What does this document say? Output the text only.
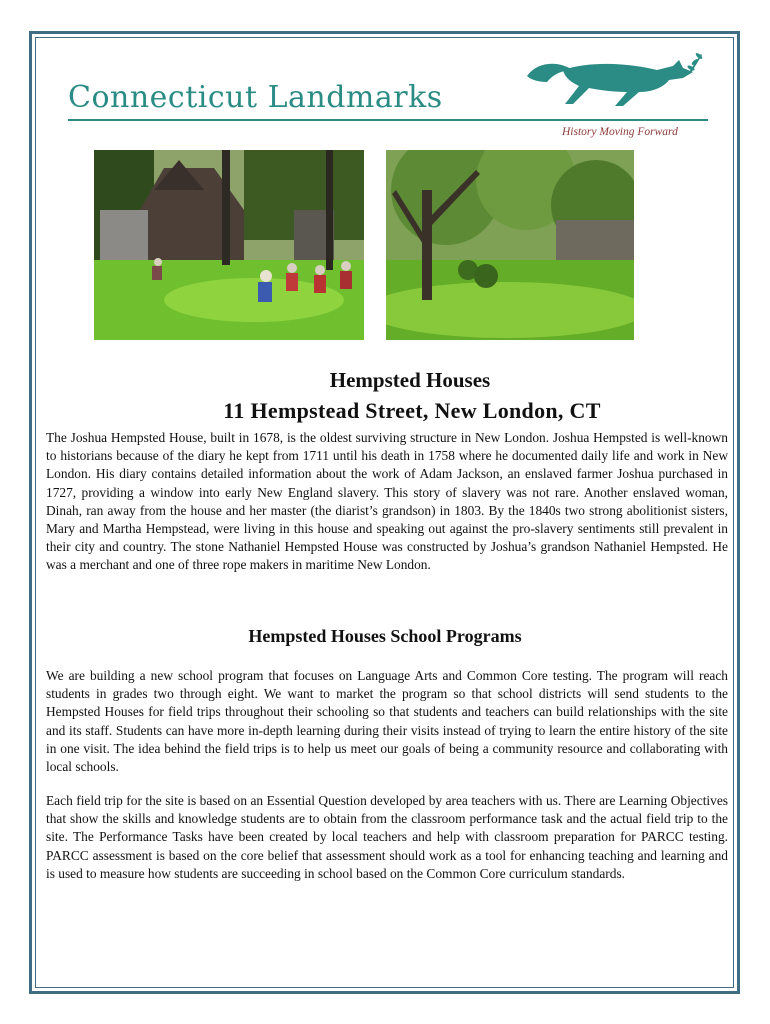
Connecticut Landmarks
History Moving Forward
Hempsted Houses
11 Hempstead Street, New London, CT

The Joshua Hempsted House, built in 1678, is the oldest surviving structure in New London. Joshua Hempsted is well-known to historians because of the diary he kept from 1711 until his death in 1758 where he documented daily life and work in New London. His diary contains detailed information about the work of Adam Jackson, an enslaved farmer Joshua purchased in 1727, providing a window into early New England slavery. This story of slavery was not rare. Another enslaved woman, Dinah, ran away from the house and her master (the diarist’s grandson) in 1803. By the 1840s two strong abolitionist sisters, Mary and Martha Hempstead, were living in this house and speaking out against the pro-slavery sentiments still prevalent in their city and country. The stone Nathaniel Hempsted House was constructed by Joshua’s grandson Nathaniel Hempsted. He was a merchant and one of three rope makers in maritime New London.

Hempsted Houses School Programs

We are building a new school program that focuses on Language Arts and Common Core testing. The program will reach students in grades two through eight. We want to market the program so that school districts will send students to the Hempsted Houses for field trips throughout their schooling so that students and teachers can build relationships with the site and its staff. Students can have more in-depth learning during their visits instead of trying to learn the entire history of the site in one visit. The idea behind the field trips is to help us meet our goals of being a community resource and collaborating with local schools.

Each field trip for the site is based on an Essential Question developed by area teachers with us. There are Learning Objectives that show the skills and knowledge students are to obtain from the classroom performance task and the actual field trip to the site. The Performance Tasks have been created by local teachers and help with classroom preparation for PARCC testing. PARCC assessment is based on the core belief that assessment should work as a tool for enhancing teaching and learning and is used to measure how students are succeeding in school based on the Common Core curriculum standards.
